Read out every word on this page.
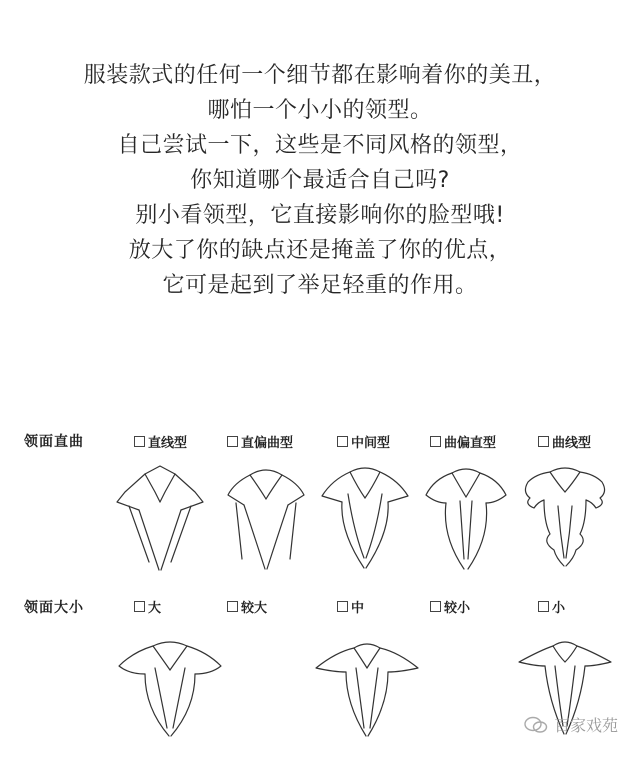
服装款式的任何一个细节都在影响着你的美丑，
哪怕一个小小的领型。
自己尝试一下，这些是不同风格的领型，
你知道哪个最适合自己吗?
别小看领型，它直接影响你的脸型哦!
放大了你的缺点还是掩盖了你的优点，
它可是起到了举足轻重的作用。
领面直曲	直线型	直偏曲型	中间型	曲偏直型	曲线型
领面大小	大	较大	中	较小	小
百家戏苑
